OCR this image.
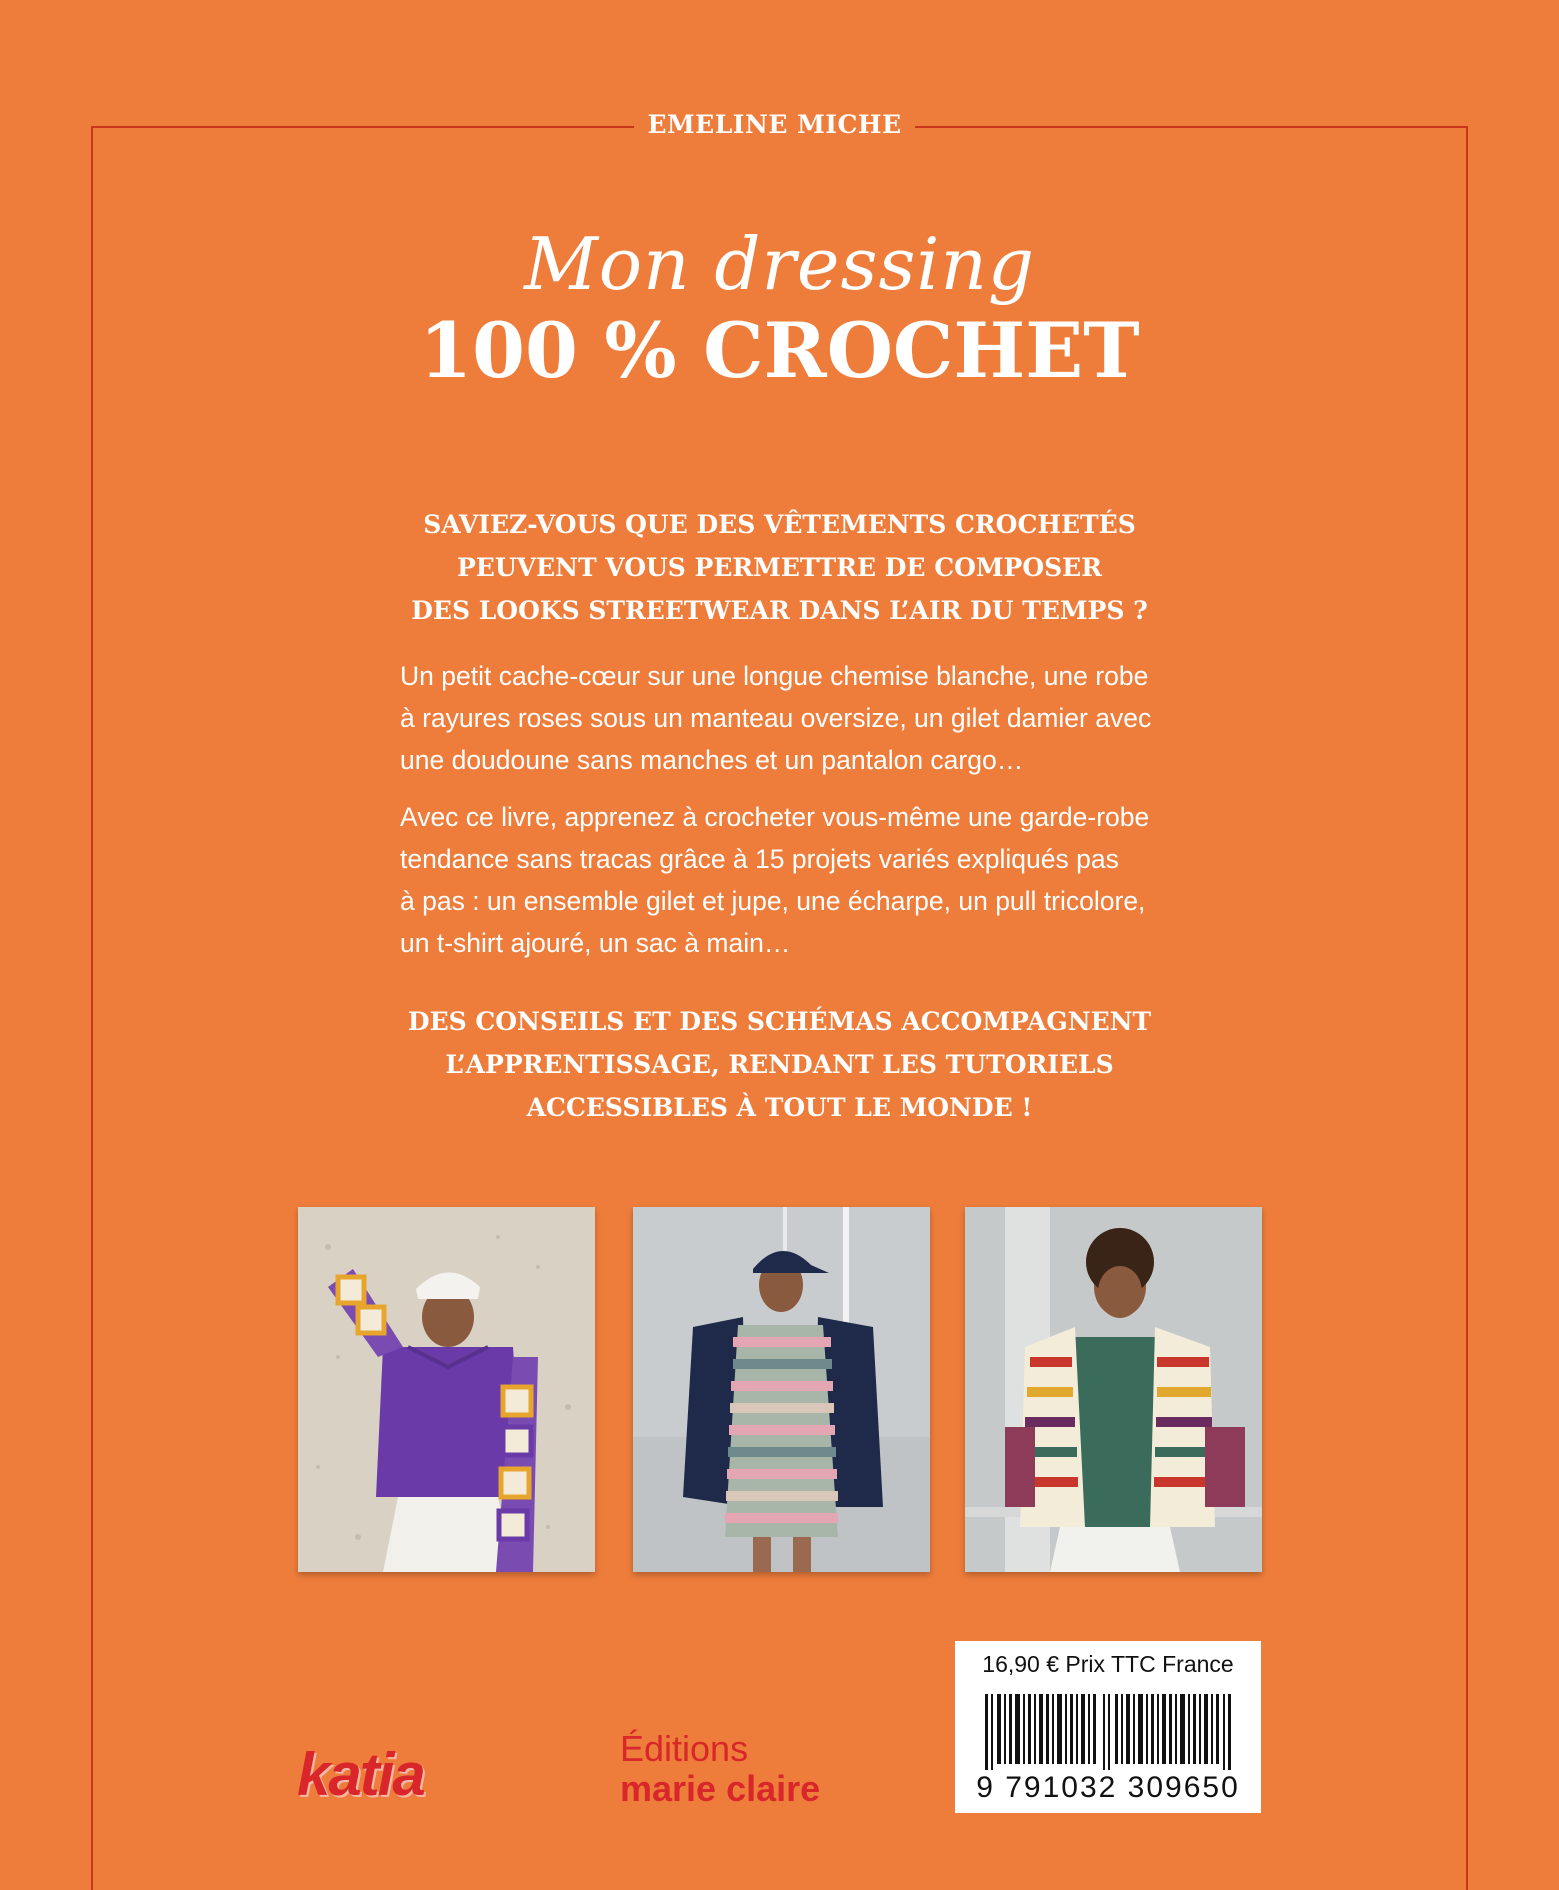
EMELINE MICHE
Mon dressing
100 % CROCHET
SAVIEZ-VOUS QUE DES VÊTEMENTS CROCHETÉS
PEUVENT VOUS PERMETTRE DE COMPOSER
DES LOOKS STREETWEAR DANS L’AIR DU TEMPS ?
Un petit cache-cœur sur une longue chemise blanche, une robe
à rayures roses sous un manteau oversize, un gilet damier avec
une doudoune sans manches et un pantalon cargo…
Avec ce livre, apprenez à crocheter vous-même une garde-robe
tendance sans tracas grâce à 15 projets variés expliqués pas
à pas : un ensemble gilet et jupe, une écharpe, un pull tricolore,
un t-shirt ajouré, un sac à main…
DES CONSEILS ET DES SCHÉMAS ACCOMPAGNENT
L’APPRENTISSAGE, RENDANT LES TUTORIELS
ACCESSIBLES À TOUT LE MONDE !
16,90 € Prix TTC France
9 791032 309650
katia	Éditions
marie claire
